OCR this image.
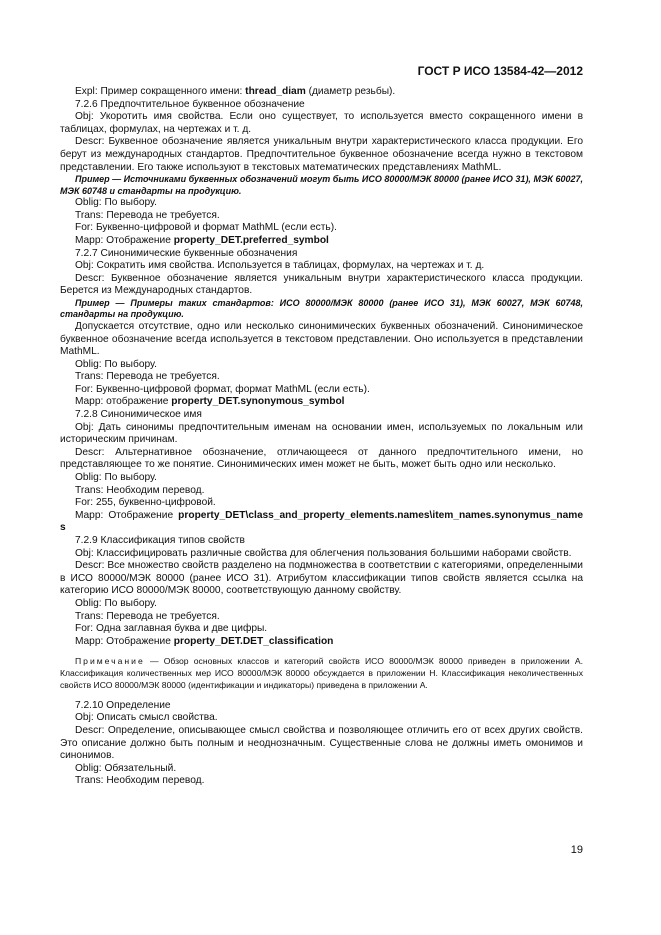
ГОСТ Р ИСО 13584-42—2012

Expl: Пример сокращенного имени: thread_diam (диаметр резьбы).

7.2.6 Предпочтительное буквенное обозначение

Obj: Укоротить имя свойства. Если оно существует, то используется вместо сокращенного имени в таблицах, формулах, на чертежах и т. д.

Descr: Буквенное обозначение является уникальным внутри характеристического класса продукции. Его берут из международных стандартов. Предпочтительное буквенное обозначение всегда нужно в текстовом представлении. Его также используют в текстовых математических представлениях MathML.

Пример — Источниками буквенных обозначений могут быть ИСО 80000/МЭК 80000 (ранее ИСО 31), МЭК 60027, МЭК 60748 и стандарты на продукцию.

Oblig: По выбору.

Trans: Перевода не требуется.

For: Буквенно-цифровой и формат MathML (если есть).

Mapp: Отображение property_DET.preferred_symbol

7.2.7 Синонимические буквенные обозначения

Obj: Сократить имя свойства. Используется в таблицах, формулах, на чертежах и т. д.

Descr: Буквенное обозначение является уникальным внутри характеристического класса продукции. Берется из Международных стандартов.

Пример — Примеры таких стандартов: ИСО 80000/МЭК 80000 (ранее ИСО 31), МЭК 60027, МЭК 60748, стандарты на продукцию.

Допускается отсутствие, одно или несколько синонимических буквенных обозначений. Синонимическое буквенное обозначение всегда используется в текстовом представлении. Оно используется в представлении MathML.

Oblig: По выбору.

Trans: Перевода не требуется.

For: Буквенно-цифровой формат, формат MathML (если есть).

Mapp: отображение property_DET.synonymous_symbol

7.2.8 Синонимическое имя

Obj: Дать синонимы предпочтительным именам на основании имен, используемых по локальным или историческим причинам.

Descr: Альтернативное обозначение, отличающееся от данного предпочтительного имени, но представляющее то же понятие. Синонимических имен может не быть, может быть одно или несколько.

Oblig: По выбору.

Trans: Необходим перевод.

For: 255, буквенно-цифровой.

Mapp: Отображение property_DET\class_and_property_elements.names\item_names.synonymus_names

7.2.9 Классификация типов свойств

Obj: Классифицировать различные свойства для облегчения пользования большими наборами свойств.

Descr: Все множество свойств разделено на подмножества в соответствии с категориями, определенными в ИСО 80000/МЭК 80000 (ранее ИСО 31). Атрибутом классификации типов свойств является ссылка на категорию ИСО 80000/МЭК 80000, соответствующую данному свойству.

Oblig: По выбору.

Trans: Перевода не требуется.

For: Одна заглавная буква и две цифры.

Mapp: Отображение property_DET.DET_classification

Примечание — Обзор основных классов и категорий свойств ИСО 80000/МЭК 80000 приведен в приложении А. Классификация количественных мер ИСО 80000/МЭК 80000 обсуждается в приложении Н. Классификация неколичественных свойств ИСО 80000/МЭК 80000 (идентификации и индикаторы) приведена в приложении А.

7.2.10 Определение

Obj: Описать смысл свойства.

Descr: Определение, описывающее смысл свойства и позволяющее отличить его от всех других свойств. Это описание должно быть полным и неоднозначным. Существенные слова не должны иметь омонимов и синонимов.

Oblig: Обязательный.

Trans: Необходим перевод.

19
